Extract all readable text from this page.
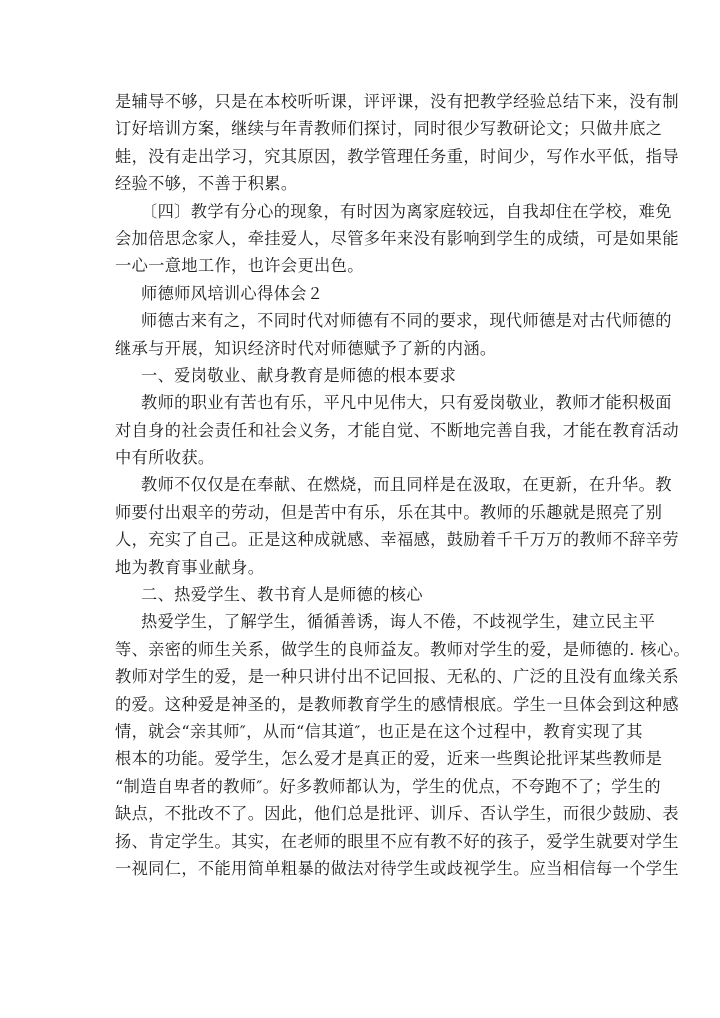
是辅导不够，只是在本校听听课，评评课，没有把教学经验总结下来，没有制
订好培训方案，继续与年青教师们探讨，同时很少写教研论文；只做井底之
蛙，没有走出学习，究其原因，教学管理任务重，时间少，写作水平低，指导
经验不够，不善于积累。
〔四〕教学有分心的现象，有时因为离家庭较远，自我却住在学校，难免
会加倍思念家人，牵挂爱人，尽管多年来没有影响到学生的成绩，可是如果能
一心一意地工作，也许会更出色。
师德师风培训心得体会２
师德古来有之，不同时代对师德有不同的要求，现代师德是对古代师德的
继承与开展，知识经济时代对师德赋予了新的内涵。
一、爱岗敬业、献身教育是师德的根本要求
教师的职业有苦也有乐，平凡中见伟大，只有爱岗敬业，教师才能积极面
对自身的社会责任和社会义务，才能自觉、不断地完善自我，才能在教育活动
中有所收获。
教师不仅仅是在奉献、在燃烧，而且同样是在汲取，在更新，在升华。教
师要付出艰辛的劳动，但是苦中有乐，乐在其中。教师的乐趣就是照亮了别
人，充实了自己。正是这种成就感、幸福感，鼓励着千千万万的教师不辞辛劳
地为教育事业献身。
二、热爱学生、教书育人是师德的核心
热爱学生，了解学生，循循善诱，诲人不倦，不歧视学生，建立民主平
等、亲密的师生关系，做学生的良师益友。教师对学生的爱，是师德的. 核心。
教师对学生的爱，是一种只讲付出不记回报、无私的、广泛的且没有血缘关系
的爱。这种爱是神圣的，是教师教育学生的感情根底。学生一旦体会到这种感
情，就会“亲其师″，从而“信其道″，也正是在这个过程中，教育实现了其
根本的功能。爱学生，怎么爱才是真正的爱，近来一些舆论批评某些教师是
“制造自卑者的教师″。好多教师都认为，学生的优点，不夸跑不了；学生的
缺点，不批改不了。因此，他们总是批评、训斥、否认学生，而很少鼓励、表
扬、肯定学生。其实，在老师的眼里不应有教不好的孩子，爱学生就要对学生
一视同仁，不能用简单粗暴的做法对待学生或歧视学生。应当相信每一个学生
